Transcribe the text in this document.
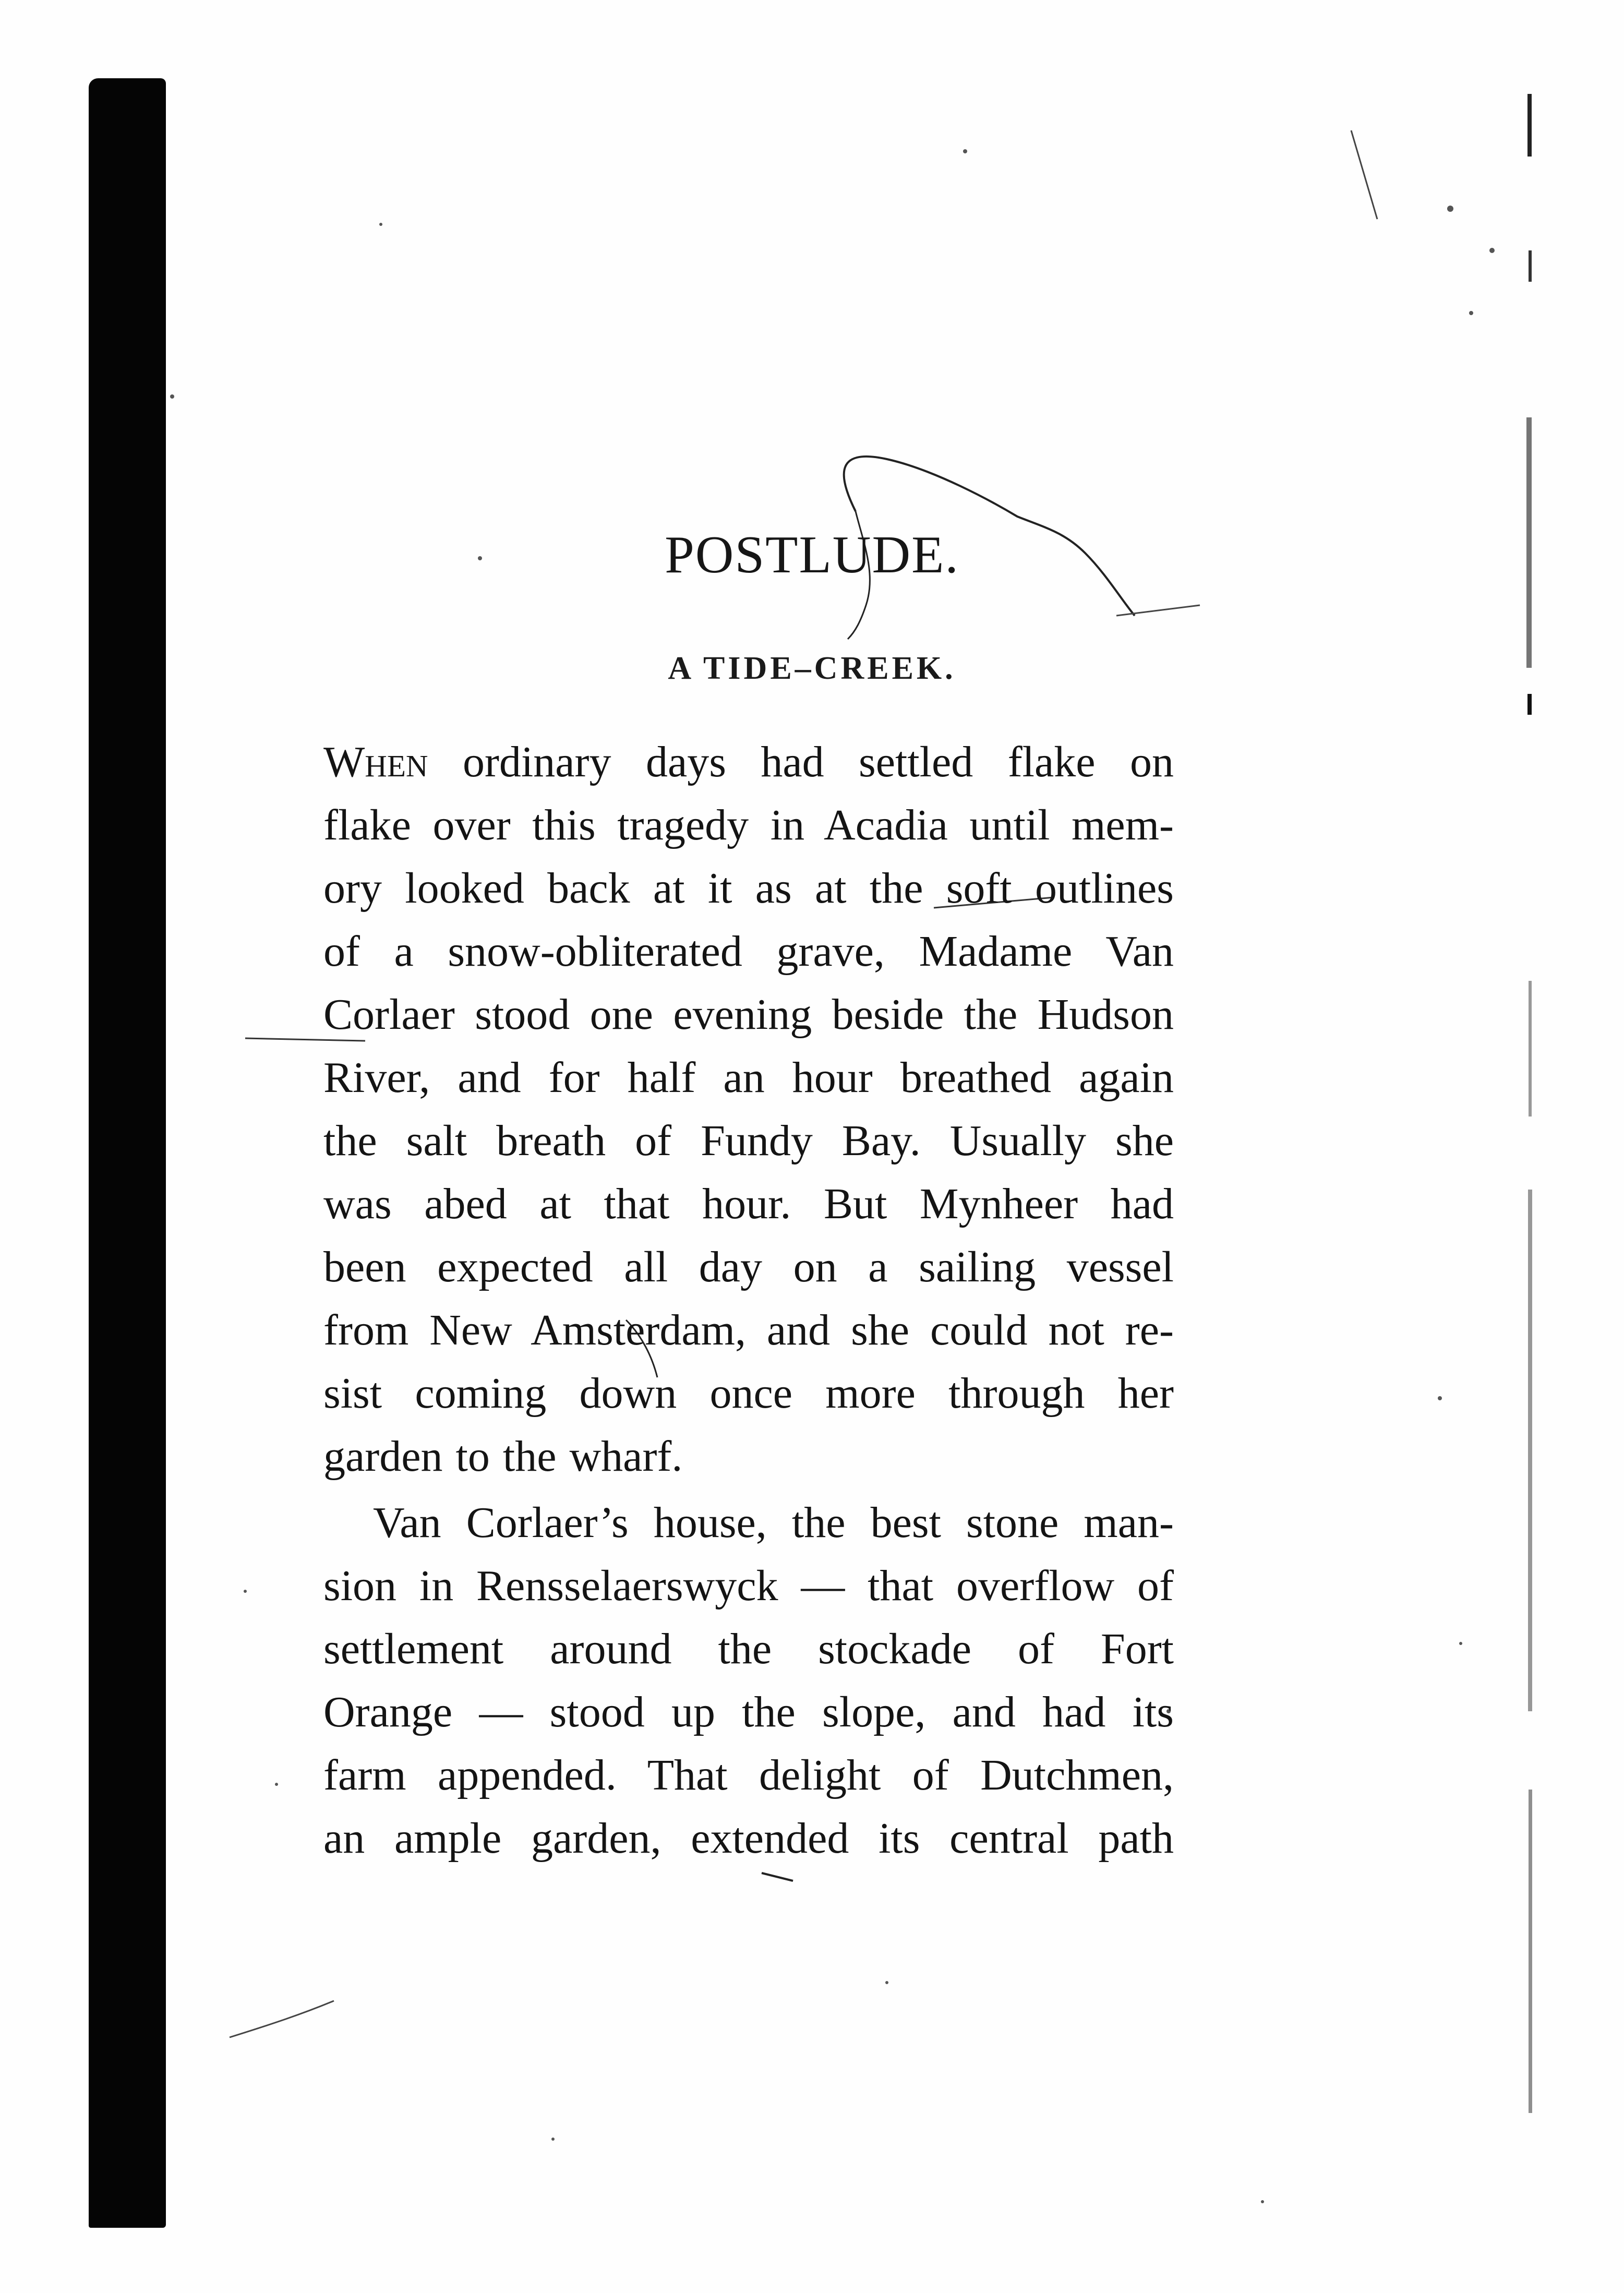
POSTLUDE.
A TIDE–CREEK.
When ordinary days had settled flake on
flake over this tragedy in Acadia until mem-
ory looked back at it as at the soft outlines
of a snow-obliterated grave, Madame Van
Corlaer stood one evening beside the Hudson
River, and for half an hour breathed again
the salt breath of Fundy Bay. Usually she
was abed at that hour. But Mynheer had
been expected all day on a sailing vessel
from New Amsterdam, and she could not re-
sist coming down once more through her
garden to the wharf.
Van Corlaer’s house, the best stone man-
sion in Rensselaerswyck — that overflow of
settlement around the stockade of Fort
Orange — stood up the slope, and had its
farm appended. That delight of Dutchmen,
an ample garden, extended its central path
